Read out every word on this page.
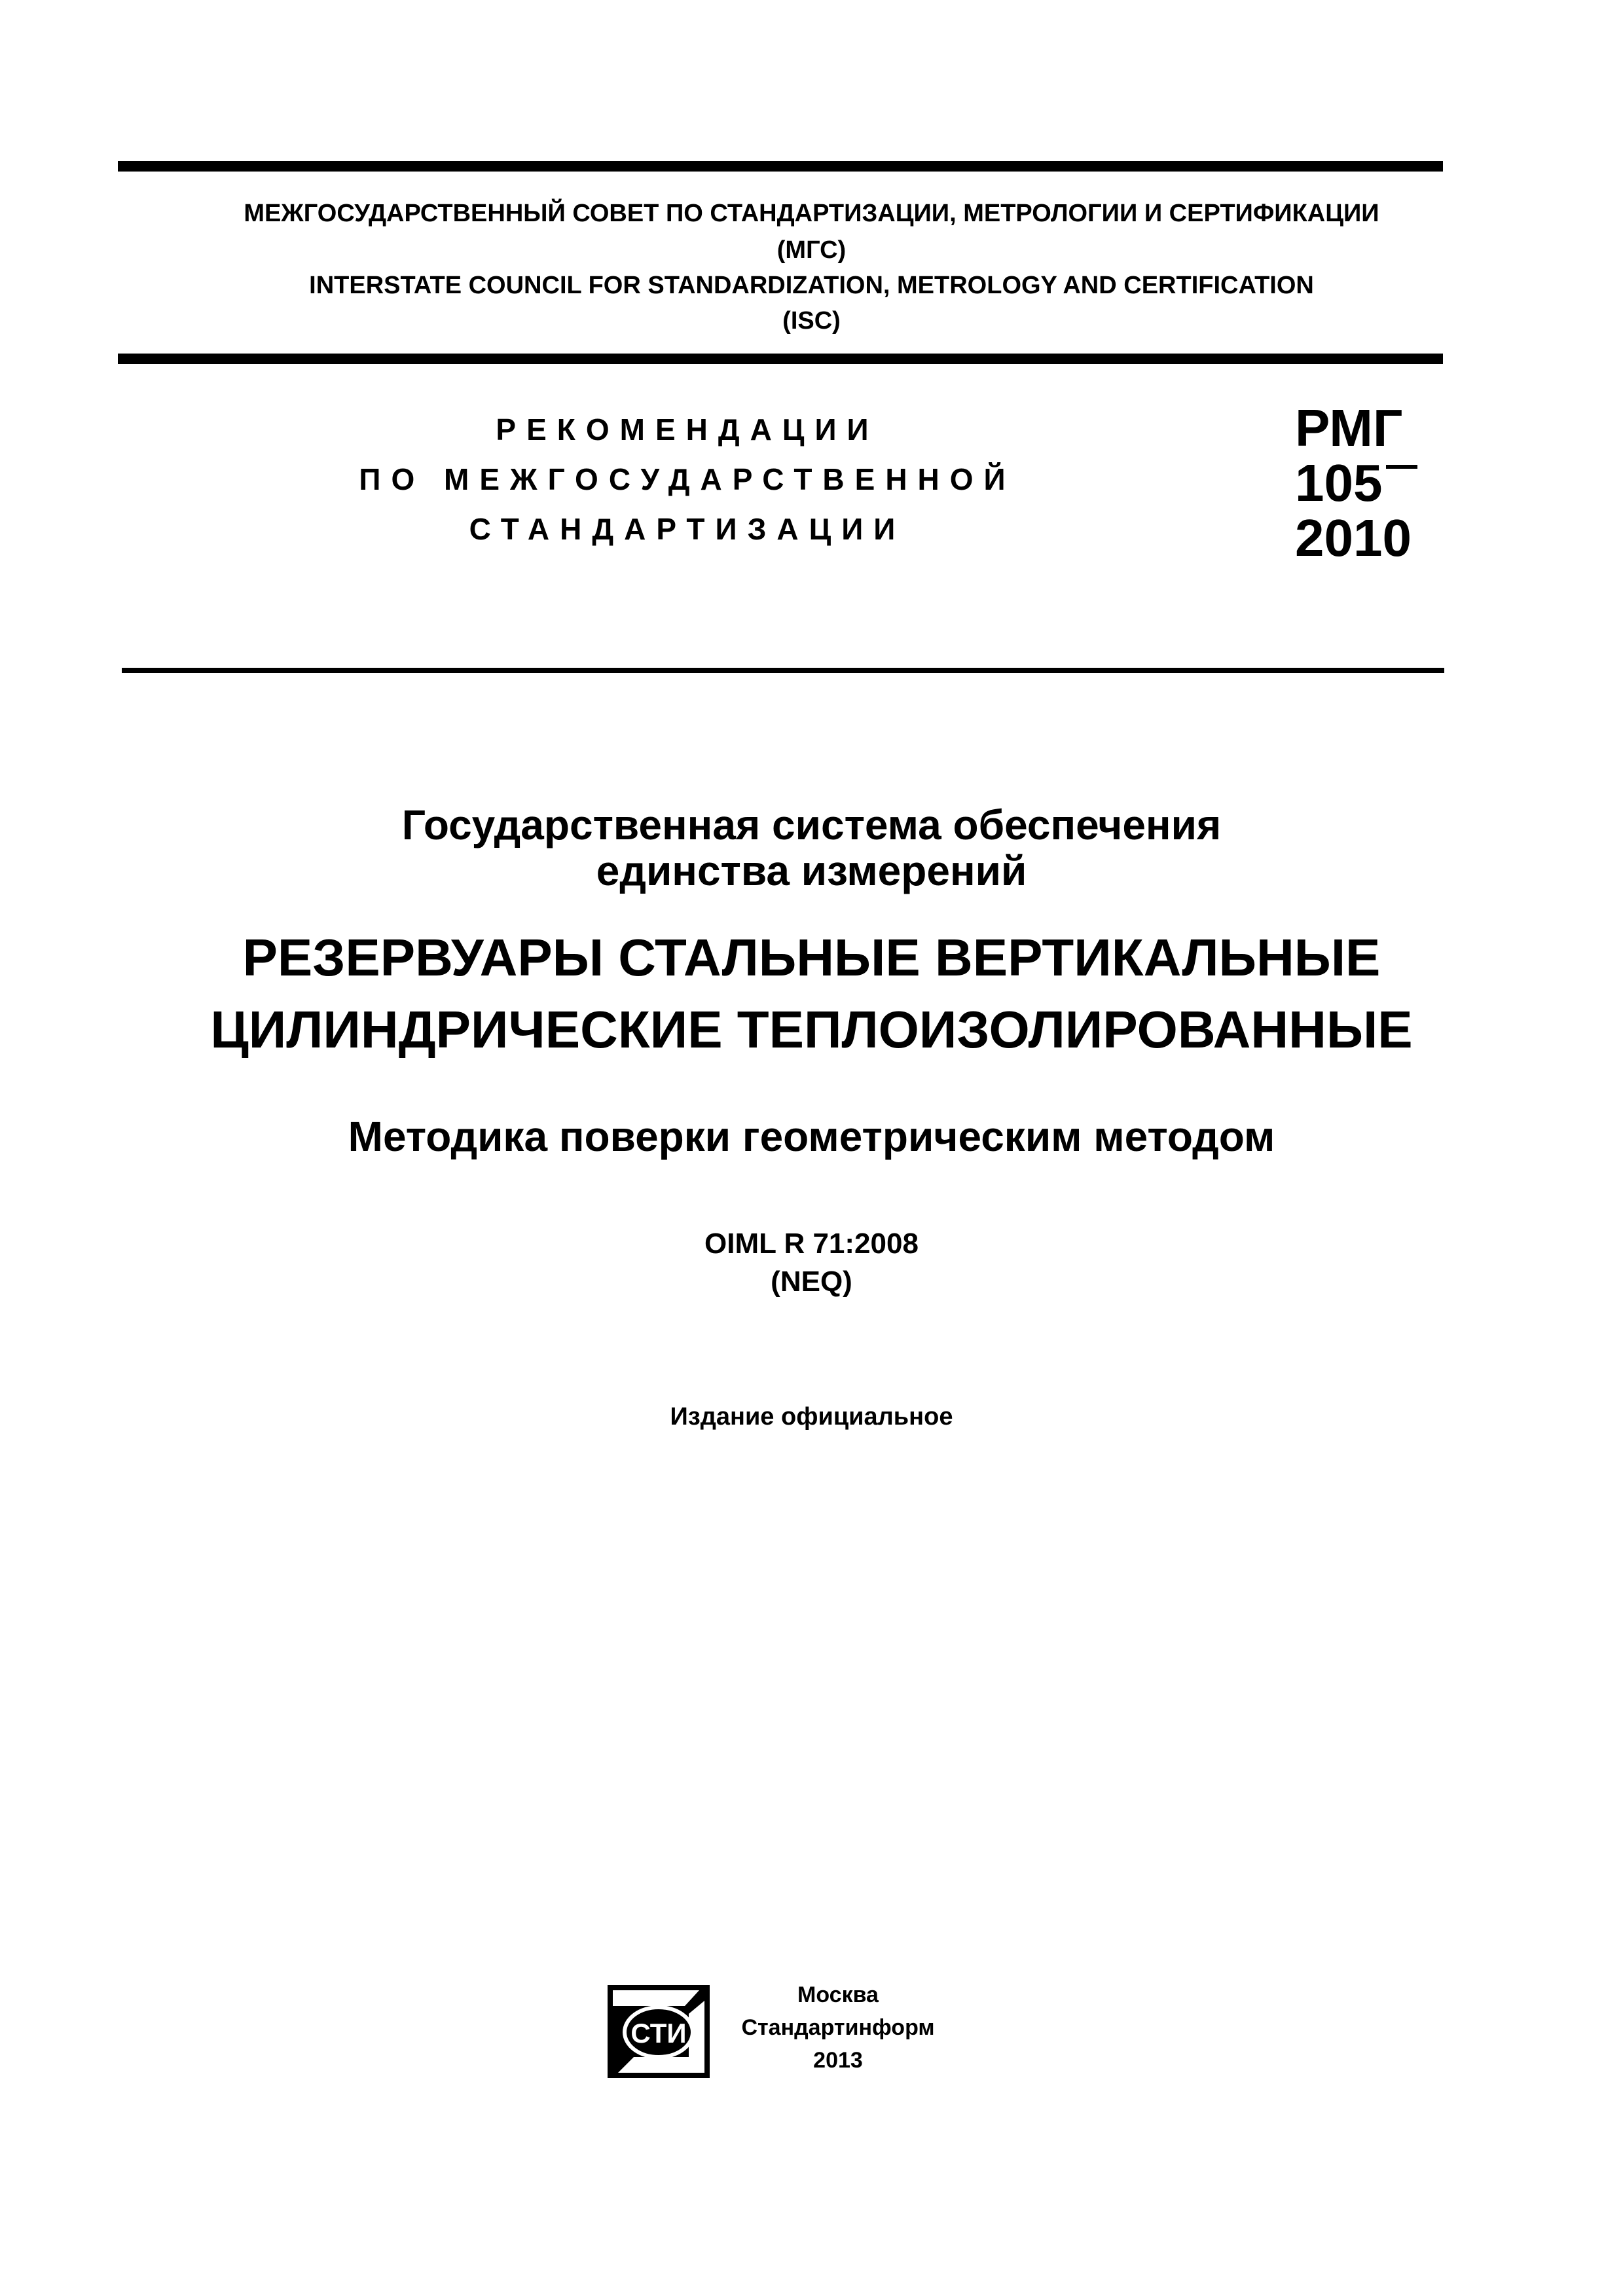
МЕЖГОСУДАРСТВЕННЫЙ СОВЕТ ПО СТАНДАРТИЗАЦИИ, МЕТРОЛОГИИ И СЕРТИФИКАЦИИ
(МГС)
INTERSTATE COUNCIL FOR STANDARDIZATION, METROLOGY AND CERTIFICATION
(ISC)
РЕКОМЕНДАЦИИ
ПО МЕЖГОСУДАРСТВЕННОЙ
СТАНДАРТИЗАЦИИ
РМГ
105
2010
Государственная система обеспечения
единства измерений
РЕЗЕРВУАРЫ СТАЛЬНЫЕ ВЕРТИКАЛЬНЫЕ
ЦИЛИНДРИЧЕСКИЕ ТЕПЛОИЗОЛИРОВАННЫЕ
Методика поверки геометрическим методом
OIML R 71:2008
(NEQ)
Издание официальное
СТИ
Москва
Стандартинформ
2013
